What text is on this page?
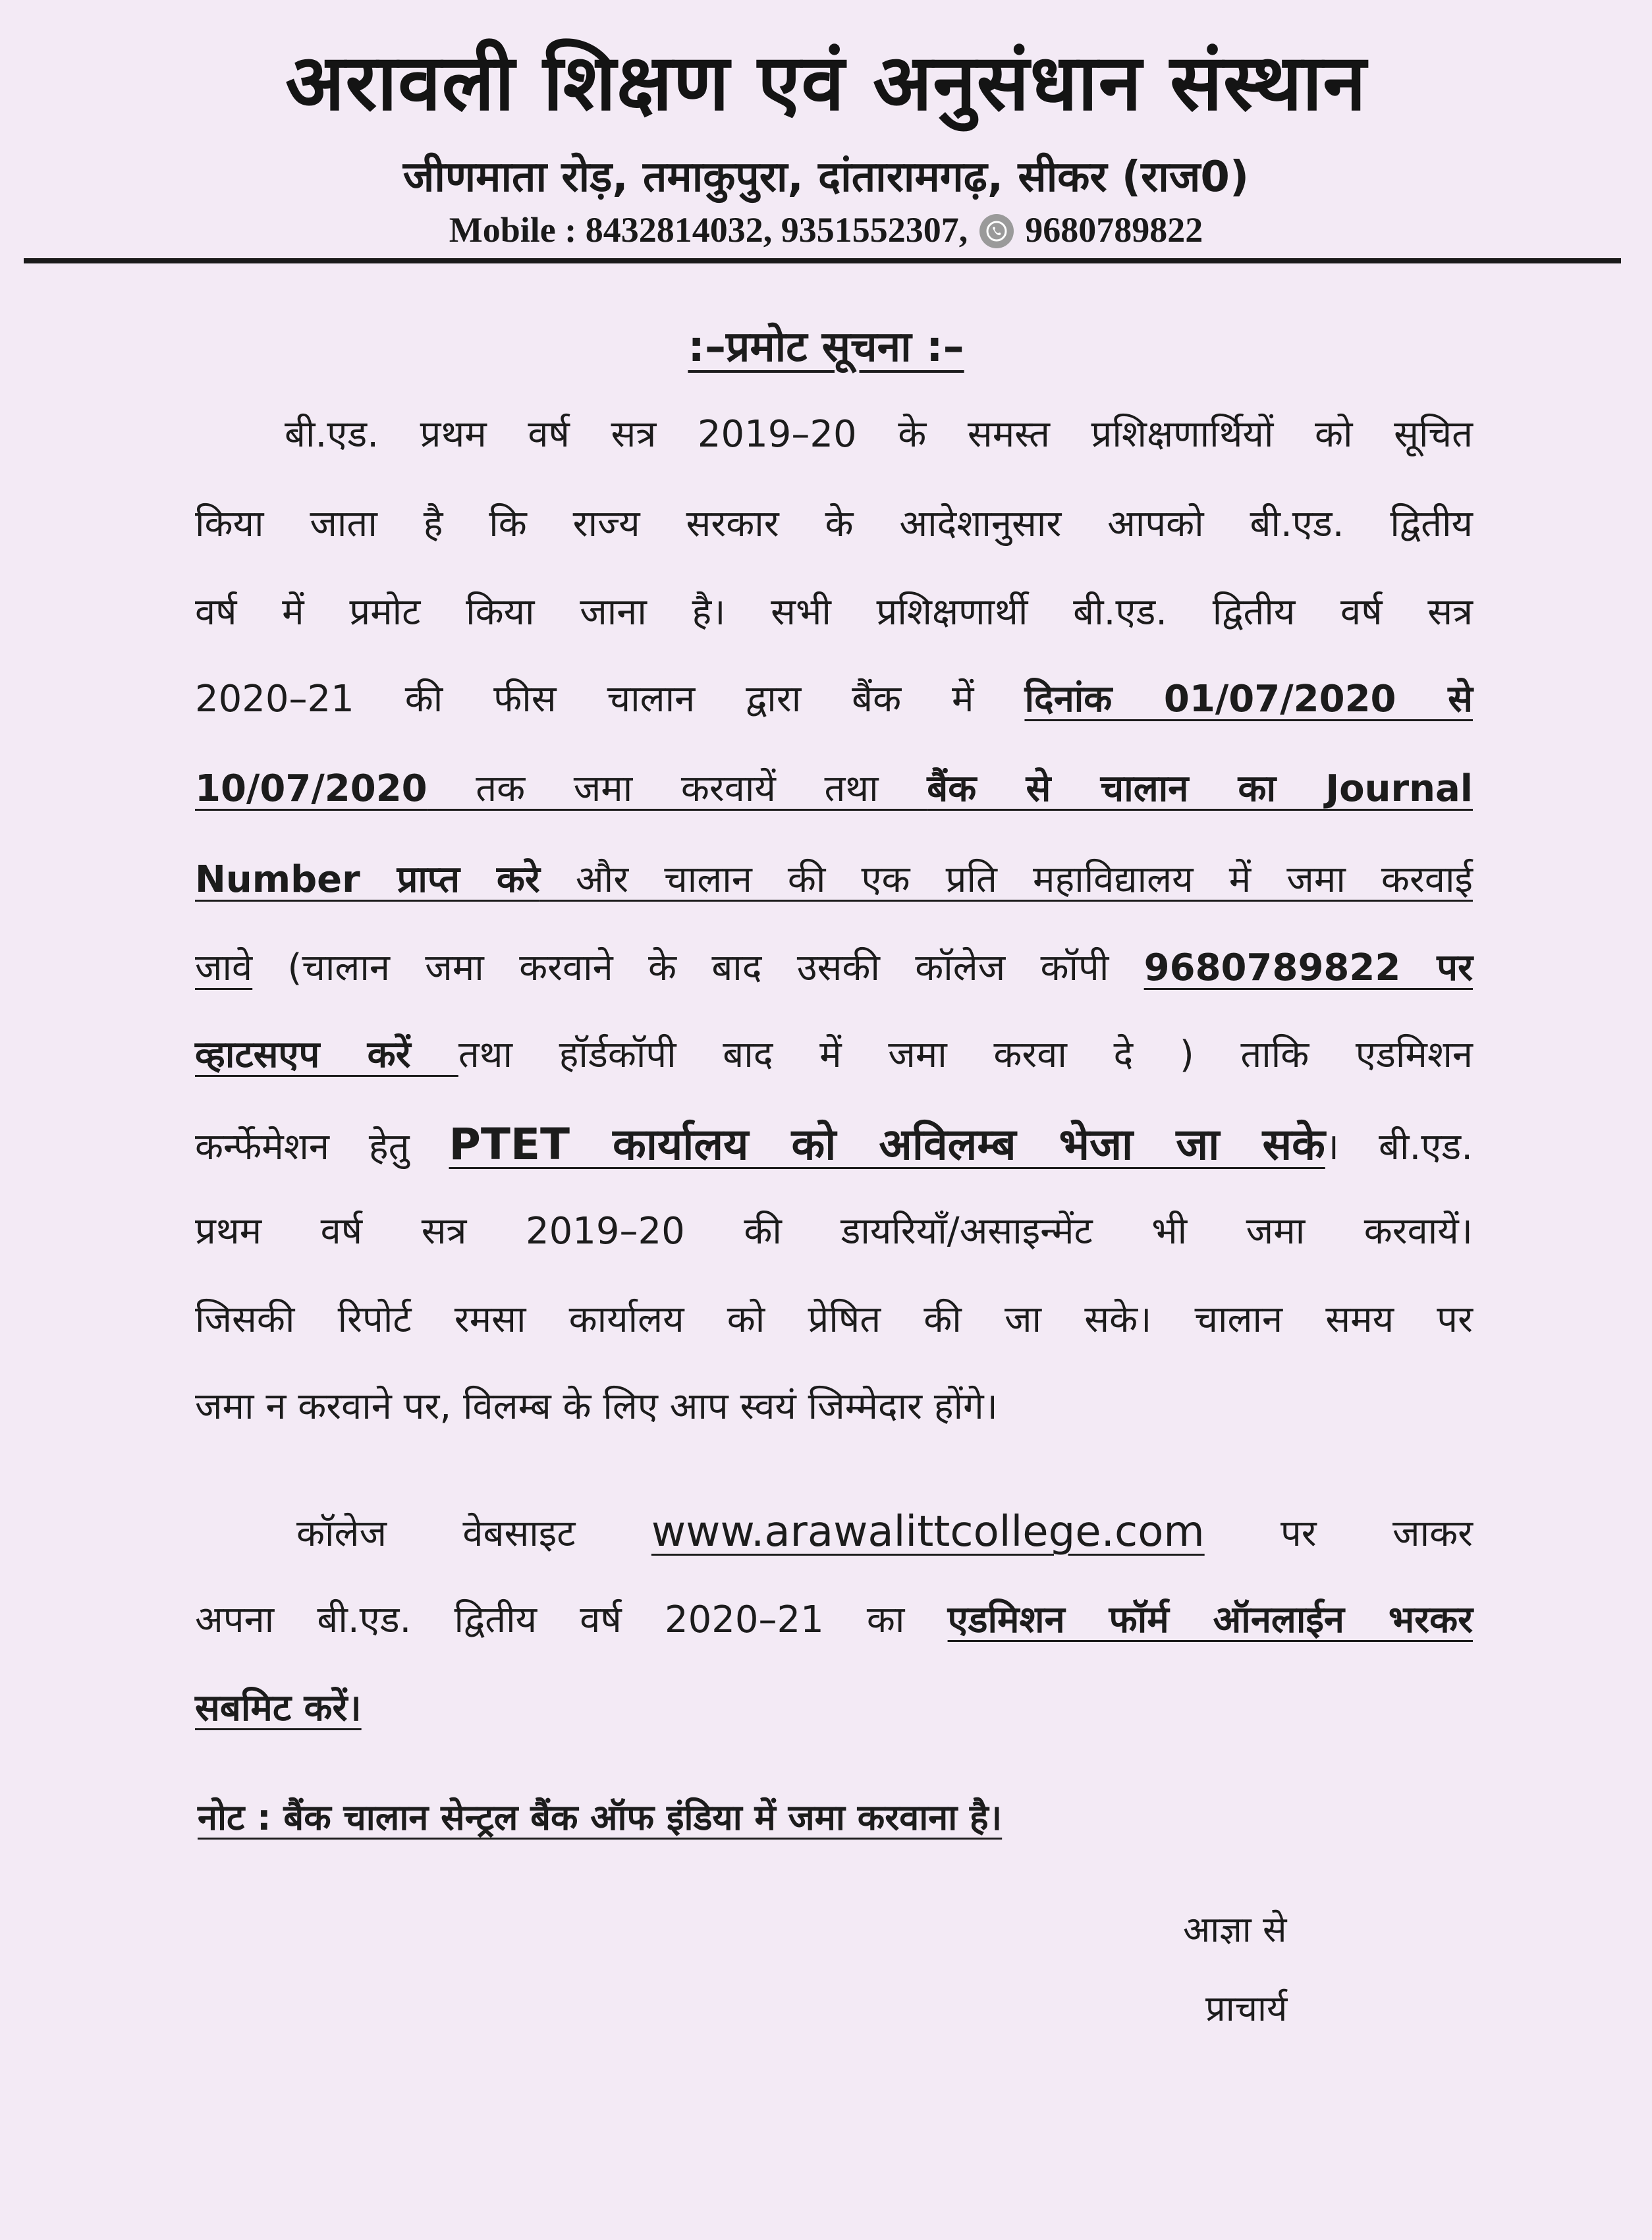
अरावली शिक्षण एवं अनुसंधान संस्थान
जीणमाता रोड़, तमाकुपुरा, दांतारामगढ़, सीकर (राज0)
Mobile : 8432814032, 9351552307, 9680789822
:–प्रमोट सूचना :–
बी.एड. प्रथम वर्ष सत्र 2019–20 के समस्त प्रशिक्षणार्थियों को सूचित
किया जाता है कि राज्य सरकार के आदेशानुसार आपको बी.एड. द्वितीय
वर्ष में प्रमोट किया जाना है। सभी प्रशिक्षणार्थी बी.एड. द्वितीय वर्ष सत्र
2020–21 की फीस चालान द्वारा बैंक में दिनांक 01/07/2020 से
10/07/2020 तक जमा करवायें तथा बैंक से चालान का Journal
Number प्राप्त करे और चालान की एक प्रति महाविद्यालय में जमा करवाई
जावे (चालान जमा करवाने के बाद उसकी कॉलेज कॉपी 9680789822 पर
व्हाटसएप करें तथा हॉर्डकॉपी बाद में जमा करवा दे ) ताकि एडमिशन
कर्न्फेमेशन हेतु PTET कार्यालय को अविलम्ब भेजा जा सके। बी.एड.
प्रथम वर्ष सत्र 2019–20 की डायरियाँ/असाइन्मेंट भी जमा करवायें।
जिसकी रिपोर्ट रमसा कार्यालय को प्रेषित की जा सके। चालान समय पर
जमा न करवाने पर, विलम्ब के लिए आप स्वयं जिम्मेदार होंगे।
कॉलेज वेबसाइट www.arawalittcollege.com पर जाकर
अपना बी.एड. द्वितीय वर्ष 2020–21 का एडमिशन फॉर्म ऑनलाईन भरकर
सबमिट करें।
नोट : बैंक चालान सेन्ट्रल बैंक ऑफ इंडिया में जमा करवाना है।
आज्ञा से
प्राचार्य
